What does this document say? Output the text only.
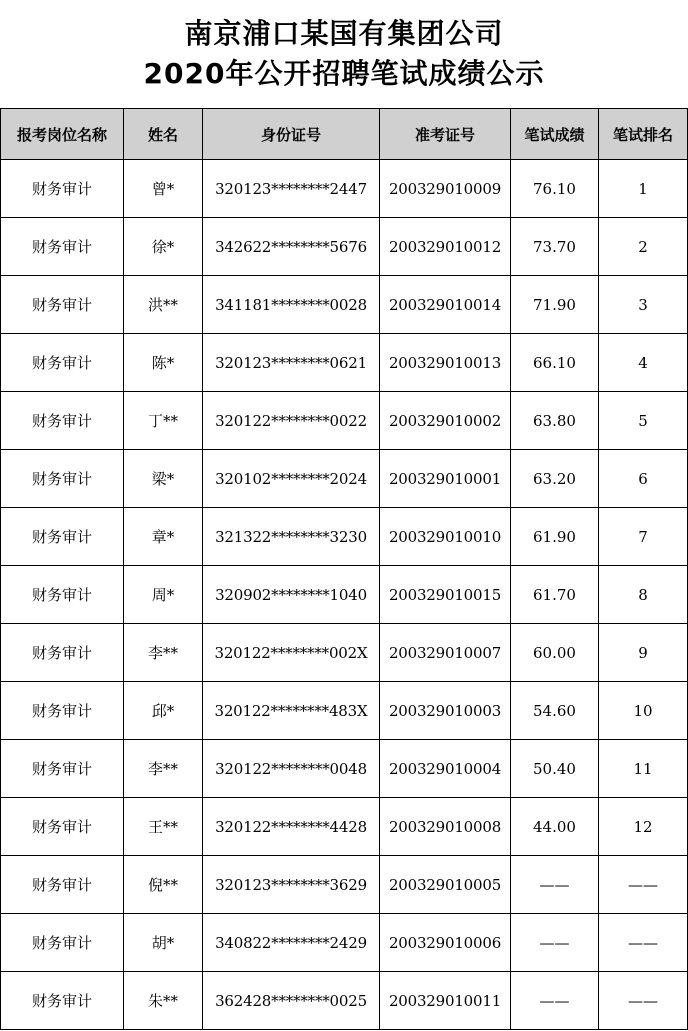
南京浦口某国有集团公司
2020年公开招聘笔试成绩公示
报考岗位名称	姓名	身份证号	准考证号	笔试成绩	笔试排名
财务审计	曾*	320123********2447	200329010009	76.10	1
财务审计	徐*	342622********5676	200329010012	73.70	2
财务审计	洪**	341181********0028	200329010014	71.90	3
财务审计	陈*	320123********0621	200329010013	66.10	4
财务审计	丁**	320122********0022	200329010002	63.80	5
财务审计	梁*	320102********2024	200329010001	63.20	6
财务审计	章*	321322********3230	200329010010	61.90	7
财务审计	周*	320902********1040	200329010015	61.70	8
财务审计	李**	320122********002X	200329010007	60.00	9
财务审计	邱*	320122********483X	200329010003	54.60	10
财务审计	李**	320122********0048	200329010004	50.40	11
财务审计	王**	320122********4428	200329010008	44.00	12
财务审计	倪**	320123********3629	200329010005	——	——
财务审计	胡*	340822********2429	200329010006	——	——
财务审计	朱**	362428********0025	200329010011	——	——
